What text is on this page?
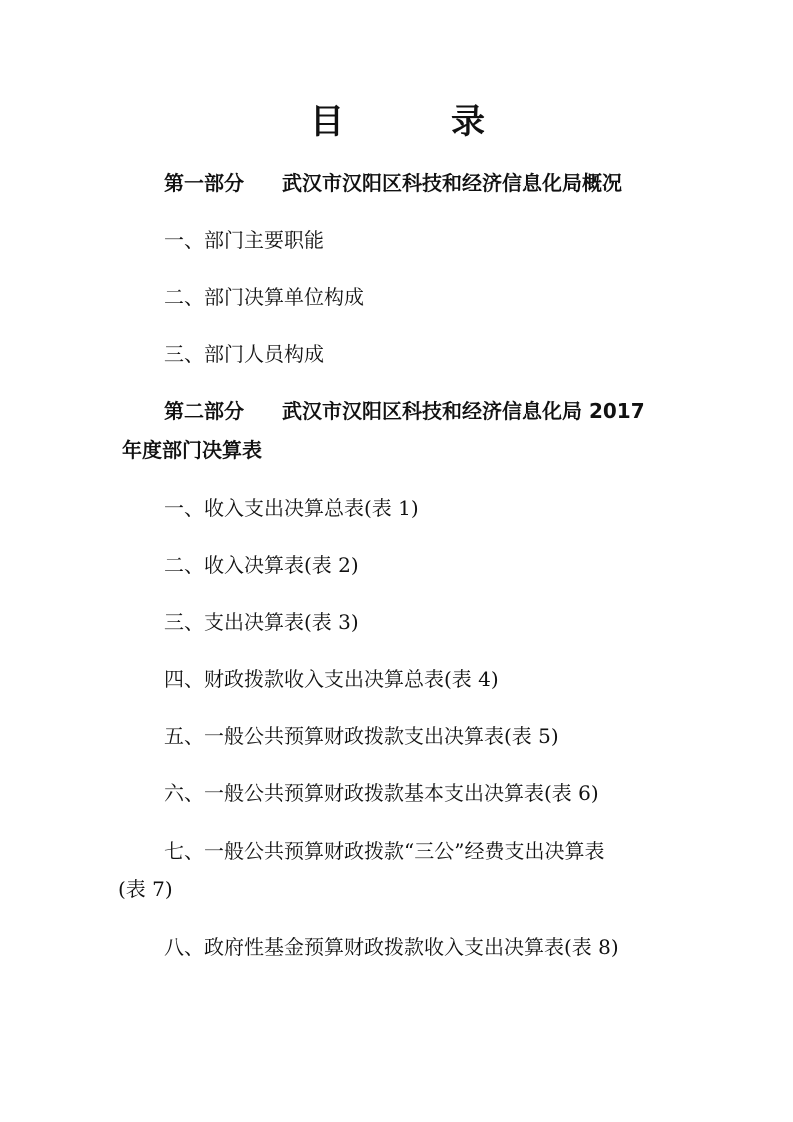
目	录
第一部分 武汉市汉阳区科技和经济信息化局概况
一、部门主要职能
二、部门决算单位构成
三、部门人员构成
第二部分 武汉市汉阳区科技和经济信息化局 2017
年度部门决算表
一、收入支出决算总表(表 1)
二、收入决算表(表 2)
三、支出决算表(表 3)
四、财政拨款收入支出决算总表(表 4)
五、一般公共预算财政拨款支出决算表(表 5)
六、一般公共预算财政拨款基本支出决算表(表 6)
七、一般公共预算财政拨款“三公”经费支出决算表
(表 7)
八、政府性基金预算财政拨款收入支出决算表(表 8)
